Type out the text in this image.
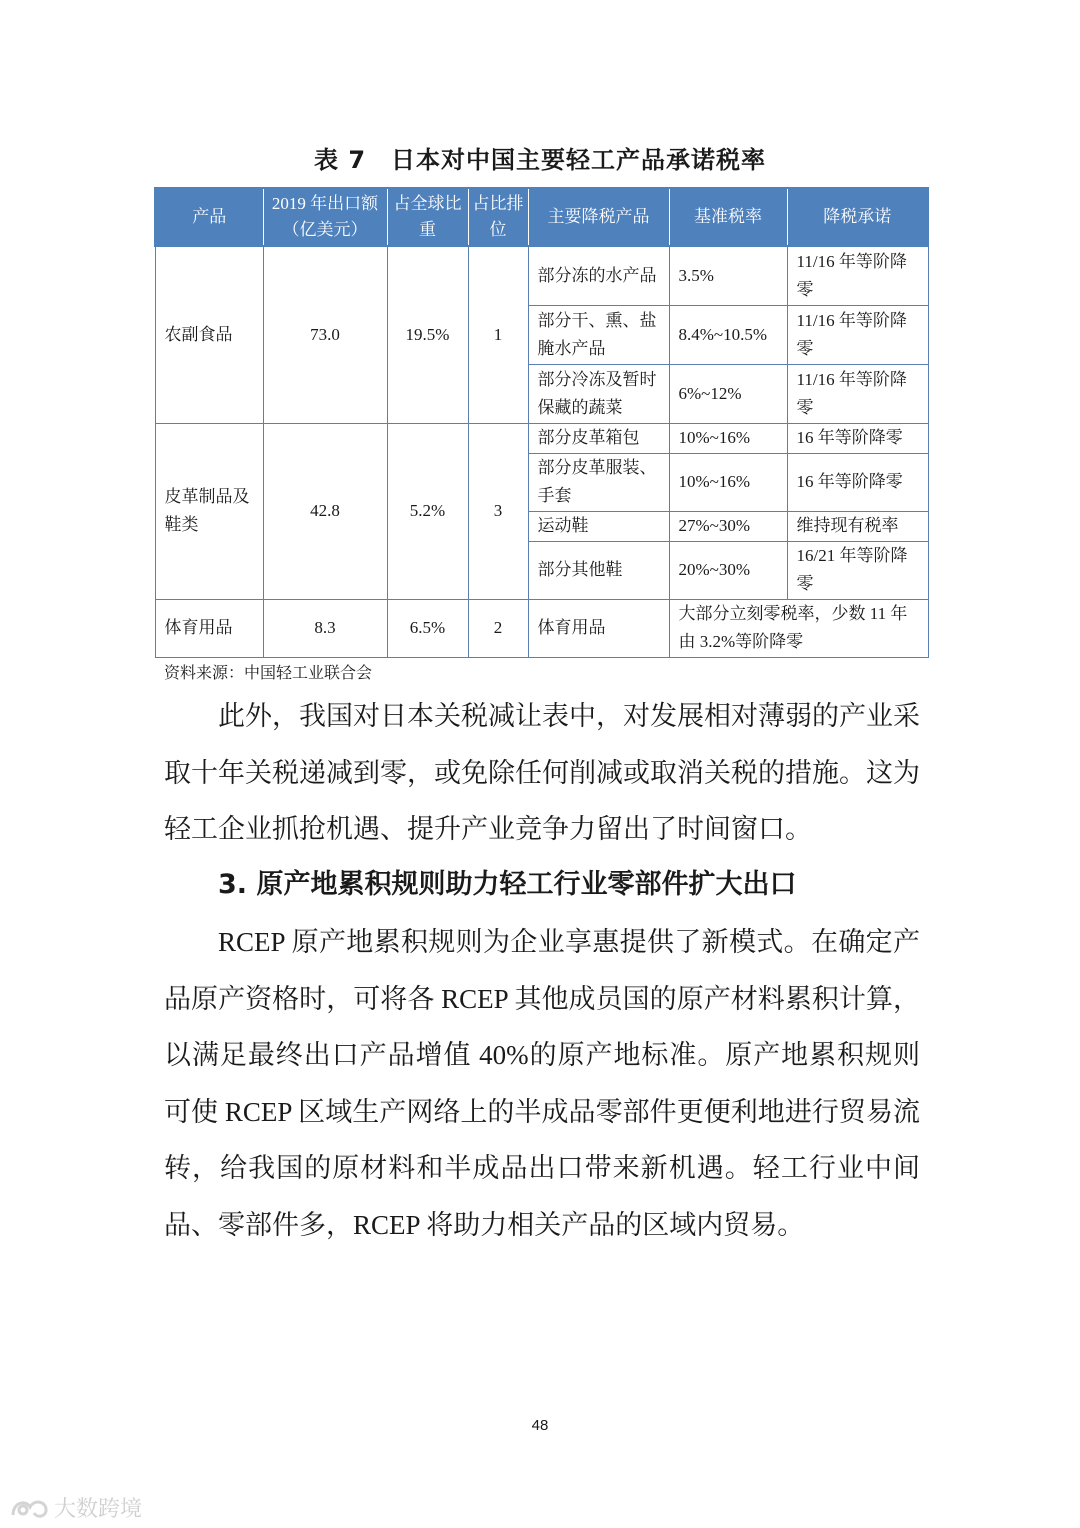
表 7　日本对中国主要轻工产品承诺税率
产品	2019 年出口额（亿美元）	占全球比重	占比排位	主要降税产品	基准税率	降税承诺
农副食品	73.0	19.5%	1	部分冻的水产品	3.5%	11/16 年等阶降零
				部分干、熏、盐腌水产品	8.4%~10.5%	11/16 年等阶降零
				部分冷冻及暂时保藏的蔬菜	6%~12%	11/16 年等阶降零
皮革制品及鞋类	42.8	5.2%	3	部分皮革箱包	10%~16%	16 年等阶降零
				部分皮革服装、手套	10%~16%	16 年等阶降零
				运动鞋	27%~30%	维持现有税率
				部分其他鞋	20%~30%	16/21 年等阶降零
体育用品	8.3	6.5%	2	体育用品	大部分立刻零税率，少数 11 年由 3.2%等阶降零	
资料来源：中国轻工业联合会
此外，我国对日本关税减让表中，对发展相对薄弱的产业采取十年关税递减到零，或免除任何削减或取消关税的措施。这为轻工企业抓抢机遇、提升产业竞争力留出了时间窗口。
3. 原产地累积规则助力轻工行业零部件扩大出口
RCEP 原产地累积规则为企业享惠提供了新模式。在确定产品原产资格时，可将各 RCEP 其他成员国的原产材料累积计算，以满足最终出口产品增值 40%的原产地标准。原产地累积规则可使 RCEP 区域生产网络上的半成品零部件更便利地进行贸易流转，给我国的原材料和半成品出口带来新机遇。轻工行业中间品、零部件多，RCEP 将助力相关产品的区域内贸易。
48
大数跨境
